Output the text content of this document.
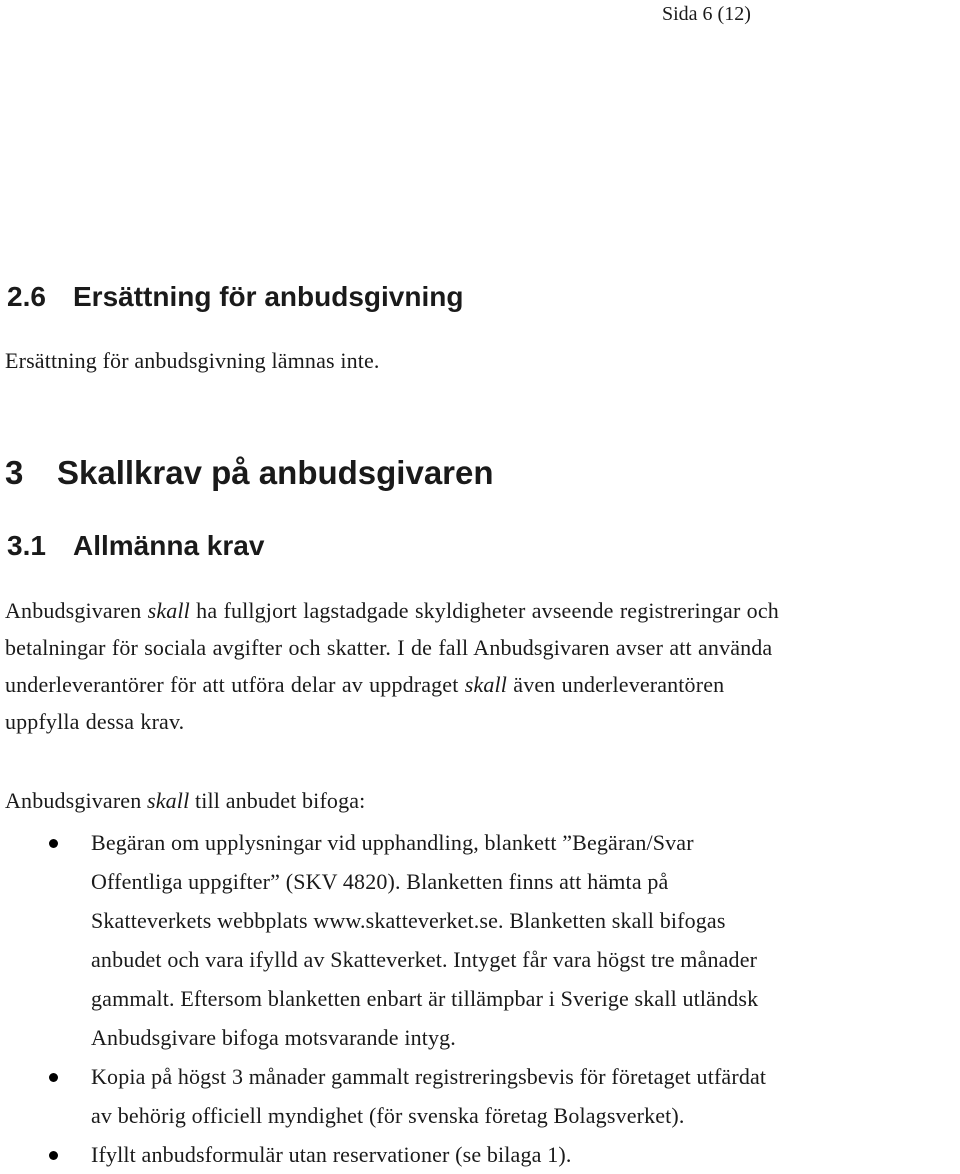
Sida 6 (12)
2.6 Ersättning för anbudsgivning
Ersättning för anbudsgivning lämnas inte.
3 Skallkrav på anbudsgivaren
3.1 Allmänna krav
Anbudsgivaren skall ha fullgjort lagstadgade skyldigheter avseende registreringar och
betalningar för sociala avgifter och skatter. I de fall Anbudsgivaren avser att använda
underleverantörer för att utföra delar av uppdraget skall även underleverantören
uppfylla dessa krav.
Anbudsgivaren skall till anbudet bifoga:
Begäran om upplysningar vid upphandling, blankett ”Begäran/Svar
Offentliga uppgifter” (SKV 4820). Blanketten finns att hämta på
Skatteverkets webbplats www.skatteverket.se. Blanketten skall bifogas
anbudet och vara ifylld av Skatteverket. Intyget får vara högst tre månader
gammalt. Eftersom blanketten enbart är tillämpbar i Sverige skall utländsk
Anbudsgivare bifoga motsvarande intyg.
Kopia på högst 3 månader gammalt registreringsbevis för företaget utfärdat
av behörig officiell myndighet (för svenska företag Bolagsverket).
Ifyllt anbudsformulär utan reservationer (se bilaga 1).
